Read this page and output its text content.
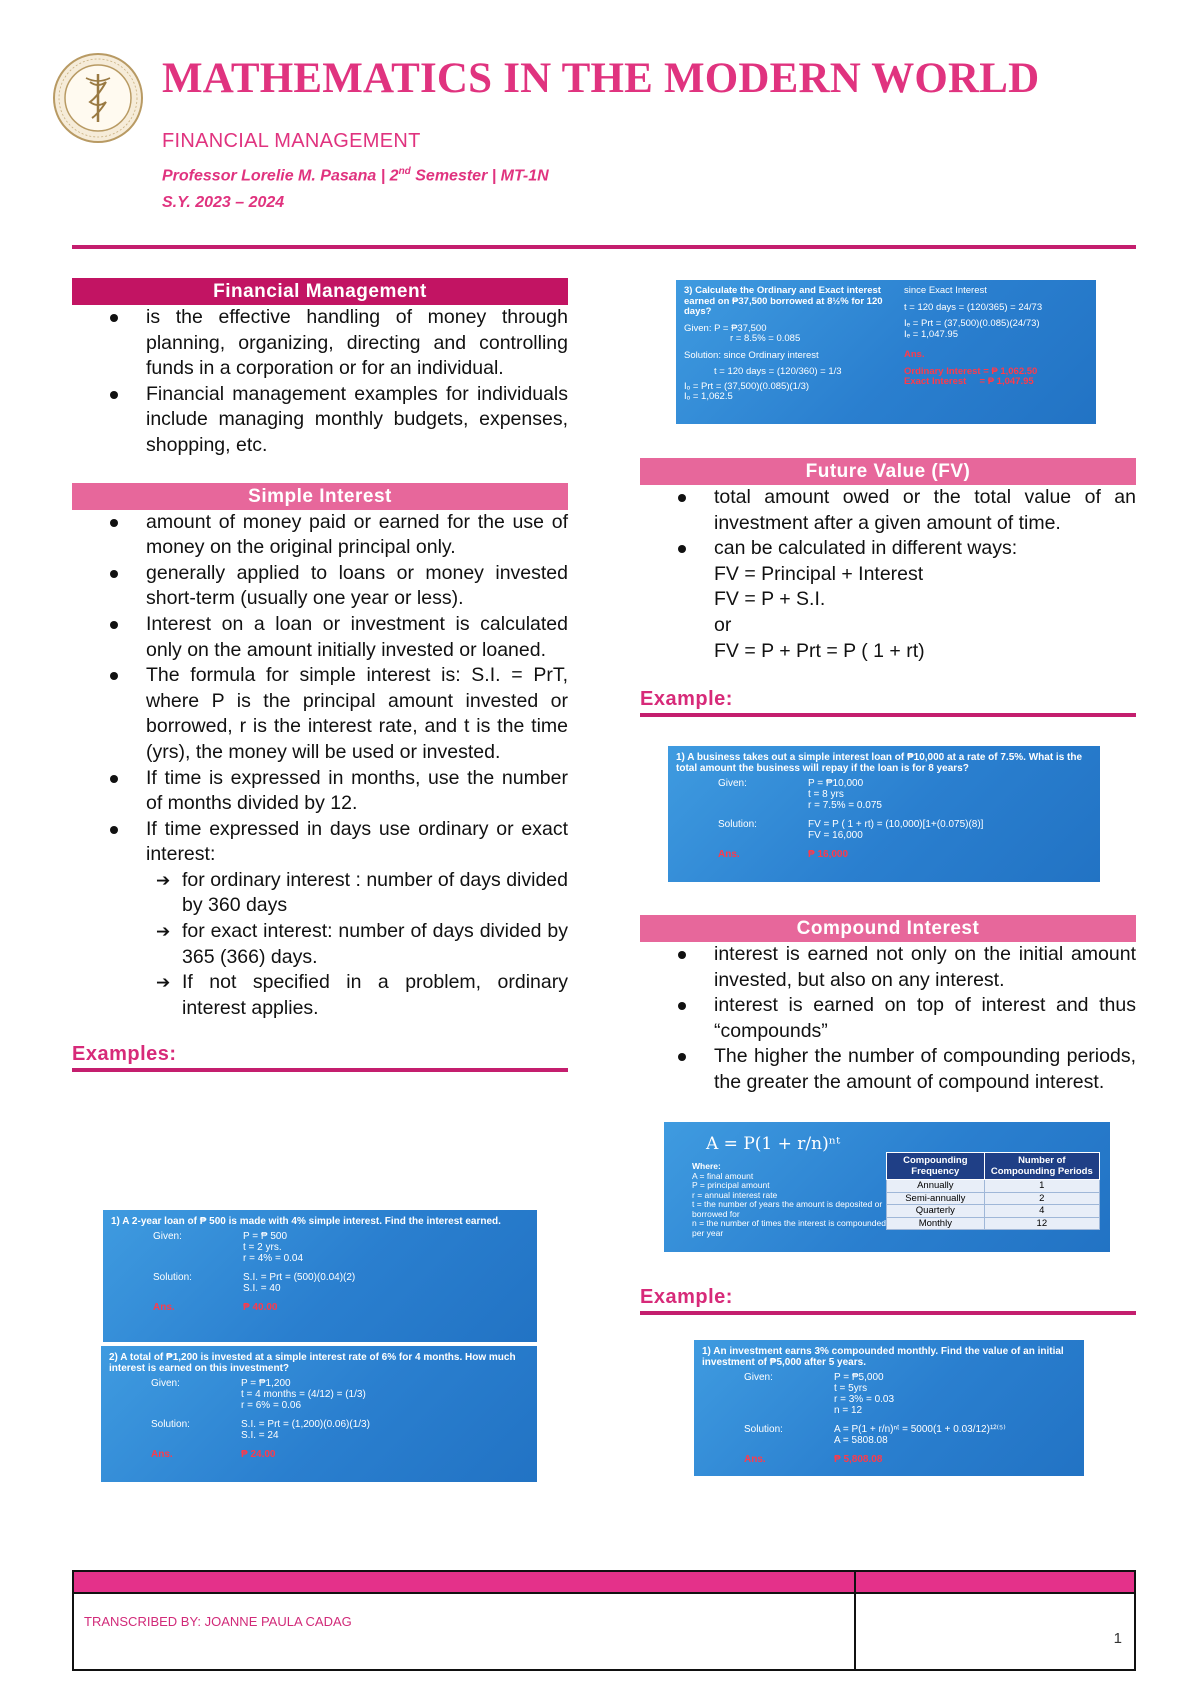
MATHEMATICS IN THE MODERN WORLD
FINANCIAL MANAGEMENT
Professor Lorelie M. Pasana | 2nd Semester | MT-1N
S.Y. 2023 – 2024
Financial Management
is the effective handling of money through planning, organizing, directing and controlling funds in a corporation or for an individual.
Financial management examples for individuals include managing monthly budgets, expenses, shopping, etc.
Simple Interest
amount of money paid or earned for the use of money on the original principal only.
generally applied to loans or money invested short-term (usually one year or less).
Interest on a loan or investment is calculated only on the amount initially invested or loaned.
The formula for simple interest is: S.I. = PrT, where P is the principal amount invested or borrowed, r is the interest rate, and t is the time (yrs), the money will be used or invested.
If time is expressed in months, use the number of months divided by 12.
If time expressed in days use ordinary or exact interest:
➔ for ordinary interest : number of days divided by 360 days
➔ for exact interest: number of days divided by 365 (366) days.
➔ If not specified in a problem, ordinary interest applies.
Examples:
1) A 2-year loan of ₱ 500 is made with 4% simple interest. Find the interest earned.
Given:	P = ₱ 500
t = 2 yrs.
r = 4% = 0.04
Solution:	S.I. = Prt = (500)(0.04)(2)
S.I. = 40
Ans.	₱ 40.00
2) A total of ₱1,200 is invested at a simple interest rate of 6% for 4 months. How much interest is earned on this investment?
Given:	P = ₱1,200
t = 4 months = (4/12) = (1/3)
r = 6% = 0.06
Solution:	S.I. = Prt = (1,200)(0.06)(1/3)
S.I. = 24
Ans.	₱ 24.00
3) Calculate the Ordinary and Exact interest earned on ₱37,500 borrowed at 8½% for 120 days?
Given: P = ₱37,500
r = 8.5% = 0.085
Solution: since Ordinary interest
t = 120 days = (120/360) = 1/3
Iₒ = Prt = (37,500)(0.085)(1/3)
Iₒ = 1,062.5
since Exact Interest
t = 120 days = (120/365) = 24/73
Iₑ = Prt = (37,500)(0.085)(24/73)
Iₑ = 1,047.95
Ans.
Ordinary Interest = ₱ 1,062.50
Exact Interest     = ₱ 1,047.95
Future Value (FV)
total amount owed or the total value of an investment after a given amount of time.
can be calculated in different ways:
FV = Principal + Interest
FV = P + S.I.
or
FV = P + Prt = P ( 1 + rt)
Example:
1) A business takes out a simple interest loan of ₱10,000 at a rate of 7.5%. What is the total amount the business will repay if the loan is for 8 years?
Given:	P = ₱10,000
t = 8 yrs
r = 7.5% = 0.075
Solution:	FV = P ( 1 + rt) = (10,000)[1+(0.075)(8)]
FV = 16,000
Ans.	₱ 16,000
Compound Interest
interest is earned not only on the initial amount invested, but also on any interest.
interest is earned on top of interest and thus “compounds”
The higher the number of compounding periods, the greater the amount of compound interest.
A = P(1 + r/n)ⁿᵗ
Where:
A = final amount
P = principal amount
r = annual interest rate
t = the number of years the amount is deposited or borrowed for
n = the number of times the interest is compounded per year
Compounding Frequency	Number of Compounding Periods
Annually	1
Semi-annually	2
Quarterly	4
Monthly	12
Example:
1) An investment earns 3% compounded monthly. Find the value of an initial investment of ₱5,000 after 5 years.
Given:	P = ₱5,000
t = 5yrs
r = 3% = 0.03
n = 12
Solution:	A = P(1 + r/n)ⁿᵗ = 5000(1 + 0.03/12)¹²⁽⁵⁾
A = 5808.08
Ans.	₱ 5,808.08
TRANSCRIBED BY: JOANNE PAULA CADAG
1
